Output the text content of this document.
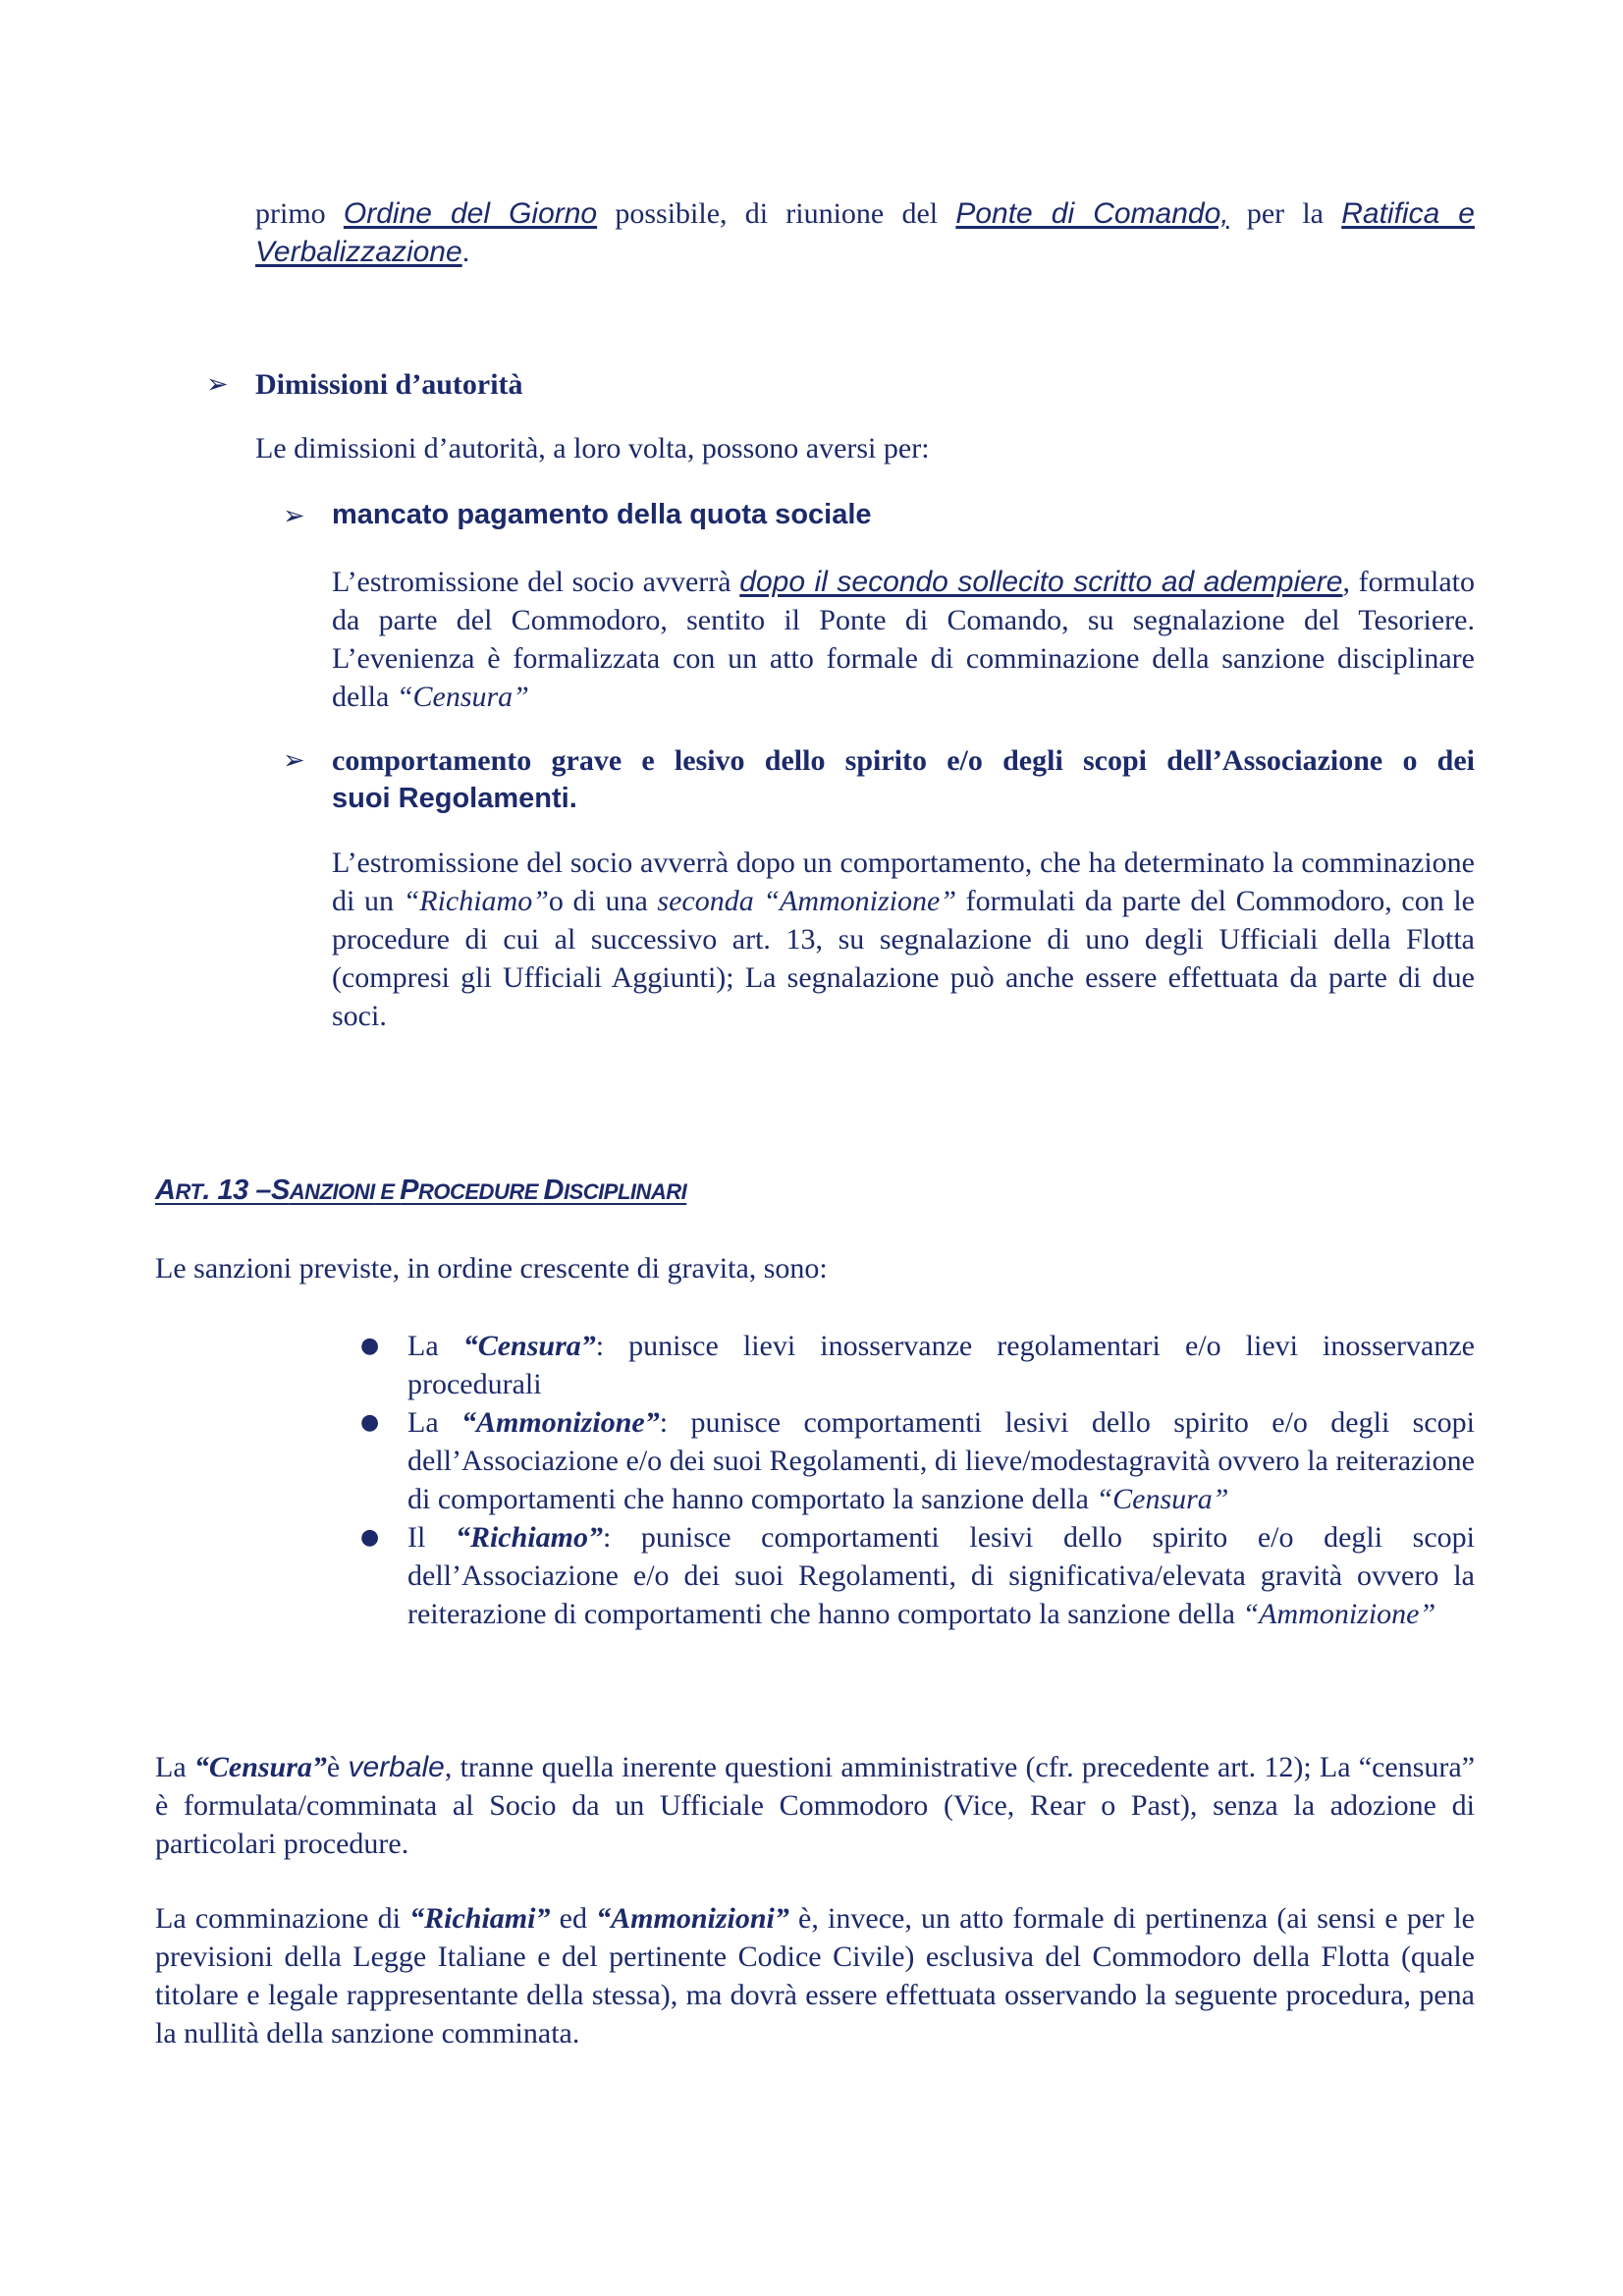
primo Ordine del Giorno possibile, di riunione del Ponte di Comando, per la Ratifica e
Verbalizzazione.
➢ Dimissioni d’autorità
Le dimissioni d’autorità, a loro volta, possono aversi per:
➢ mancato pagamento della quota sociale
L’estromissione del socio avverrà dopo il secondo sollecito scritto ad adempiere, formulato da parte del Commodoro, sentito il Ponte di Comando, su segnalazione del Tesoriere. L’evenienza è formalizzata con un atto formale di comminazione della sanzione disciplinare della “Censura”
➢ comportamento grave e lesivo dello spirito e/o degli scopi dell’Associazione o dei
suoi Regolamenti.
L’estromissione del socio avverrà dopo un comportamento, che ha determinato la comminazione di un “Richiamo”o di una seconda “Ammonizione” formulati da parte del Commodoro, con le procedure di cui al successivo art. 13, su segnalazione di uno degli Ufficiali della Flotta (compresi gli Ufficiali Aggiunti); La segnalazione può anche essere effettuata da parte di due soci.
ART. 13 –SANZIONI E PROCEDURE DISCIPLINARI
Le sanzioni previste, in ordine crescente di gravita, sono:
● La “Censura”: punisce lievi inosservanze regolamentari e/o lievi inosservanze procedurali
● La “Ammonizione”: punisce comportamenti lesivi dello spirito e/o degli scopi dell’Associazione e/o dei suoi Regolamenti, di lieve/modestagravità ovvero la reiterazione di comportamenti che hanno comportato la sanzione della “Censura”
● Il “Richiamo”: punisce comportamenti lesivi dello spirito e/o degli scopi dell’Associazione e/o dei suoi Regolamenti, di significativa/elevata gravità ovvero la reiterazione di comportamenti che hanno comportato la sanzione della “Ammonizione”
La “Censura”è verbale, tranne quella inerente questioni amministrative (cfr. precedente art. 12); La “censura” è formulata/comminata al Socio da un Ufficiale Commodoro (Vice, Rear o Past), senza la adozione di particolari procedure.
La comminazione di “Richiami” ed “Ammonizioni” è, invece, un atto formale di pertinenza (ai sensi e per le previsioni della Legge Italiane e del pertinente Codice Civile) esclusiva del Commodoro della Flotta (quale titolare e legale rappresentante della stessa), ma dovrà essere effettuata osservando la seguente procedura, pena la nullità della sanzione comminata.
